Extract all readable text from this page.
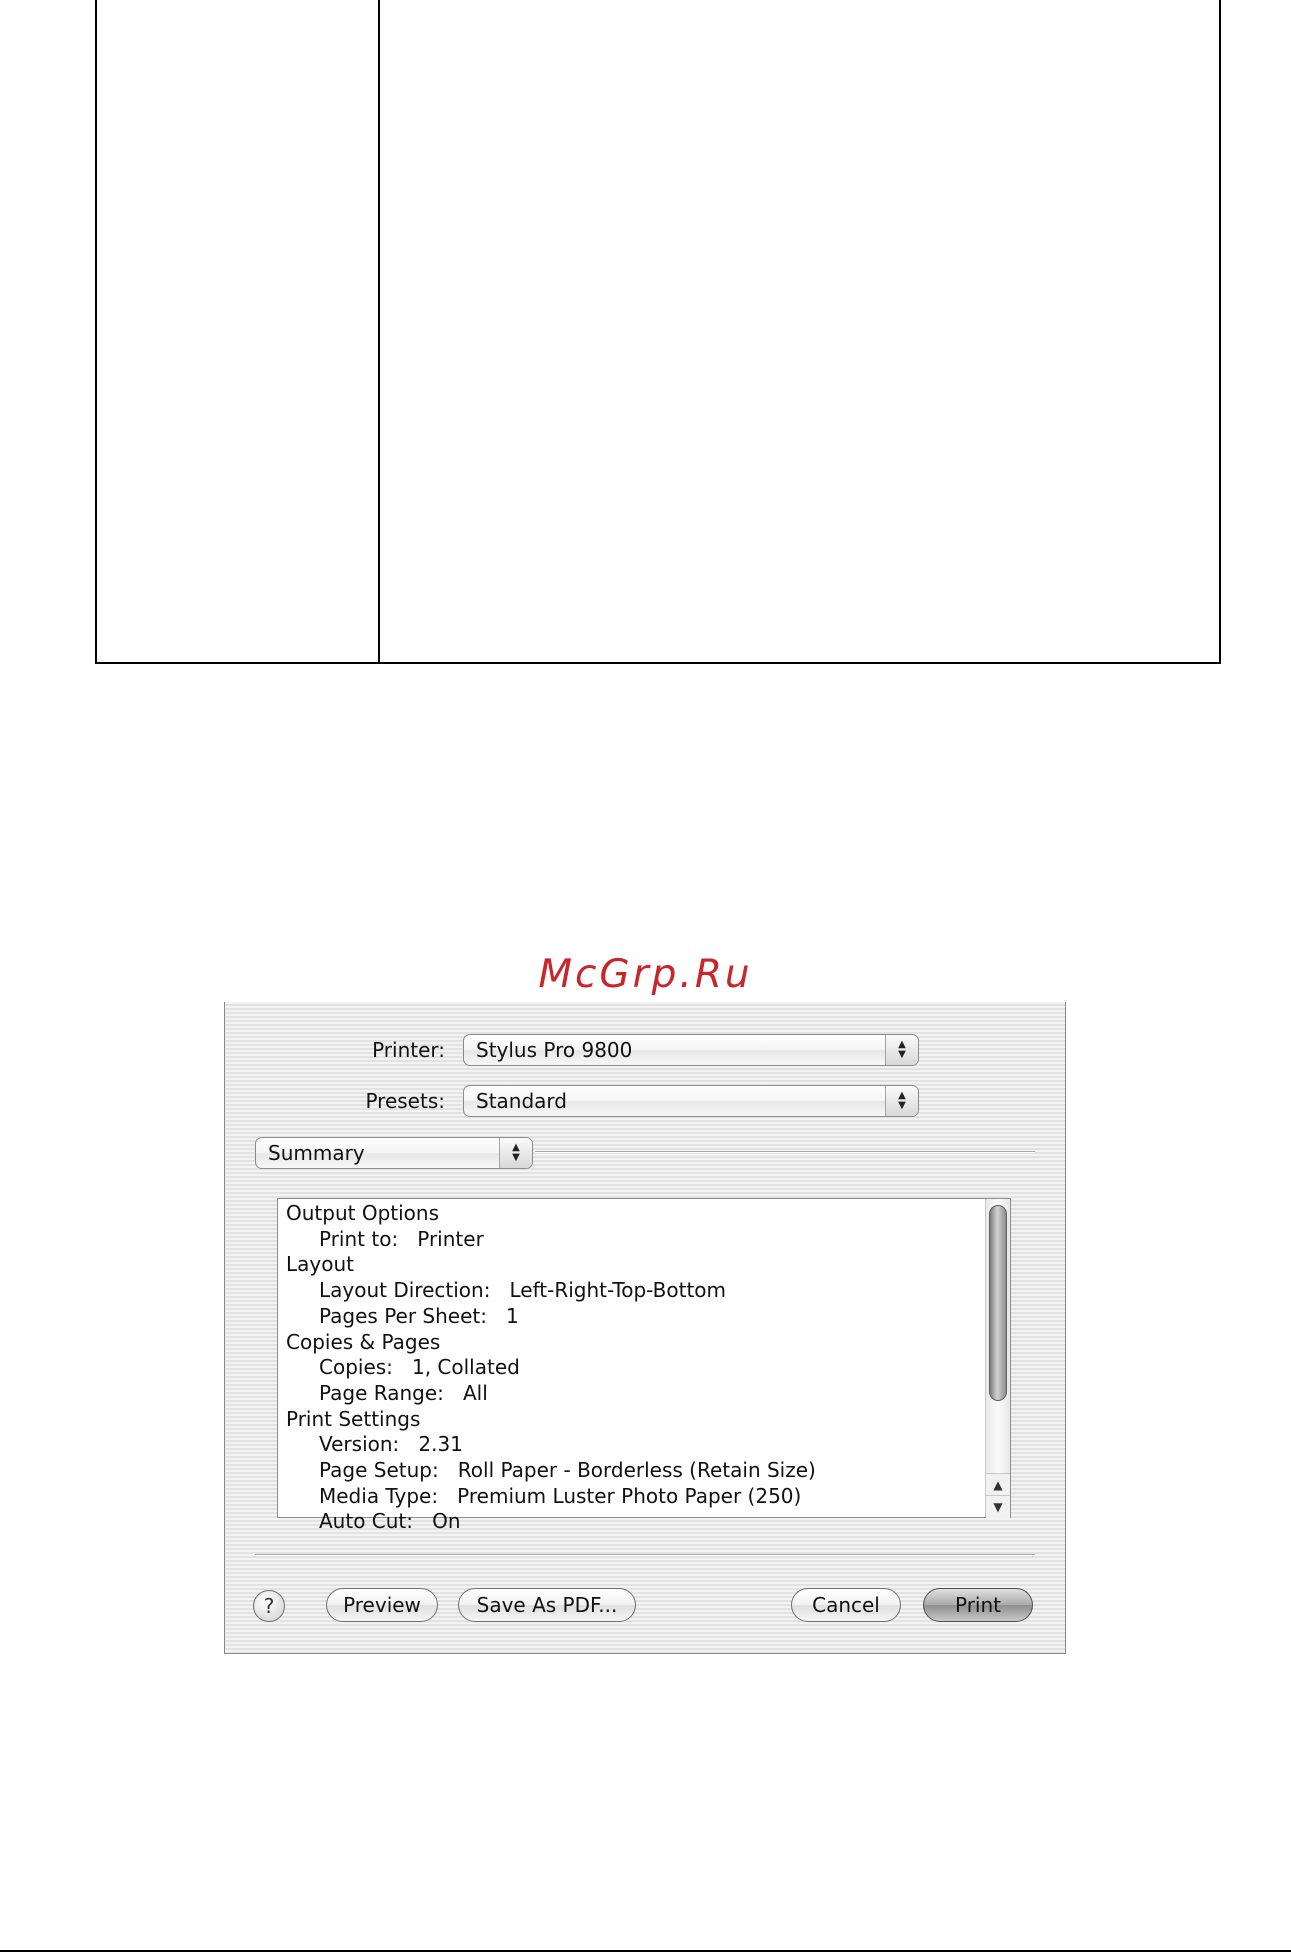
McGrp.Ru
Printer:	Stylus Pro 9800	▲
▼
Presets:	Standard	▲
▼
Summary	▲
▼
Output Options
Print to:   Printer
Layout
Layout Direction:   Left-Right-Top-Bottom
Pages Per Sheet:   1
Copies & Pages
Copies:   1, Collated
Page Range:   All
Print Settings
Version:   2.31
Page Setup:   Roll Paper - Borderless (Retain Size)
Media Type:   Premium Luster Photo Paper (250)
Auto Cut:   On
▲
▼
?	Preview	Save As PDF...	Cancel	Print
